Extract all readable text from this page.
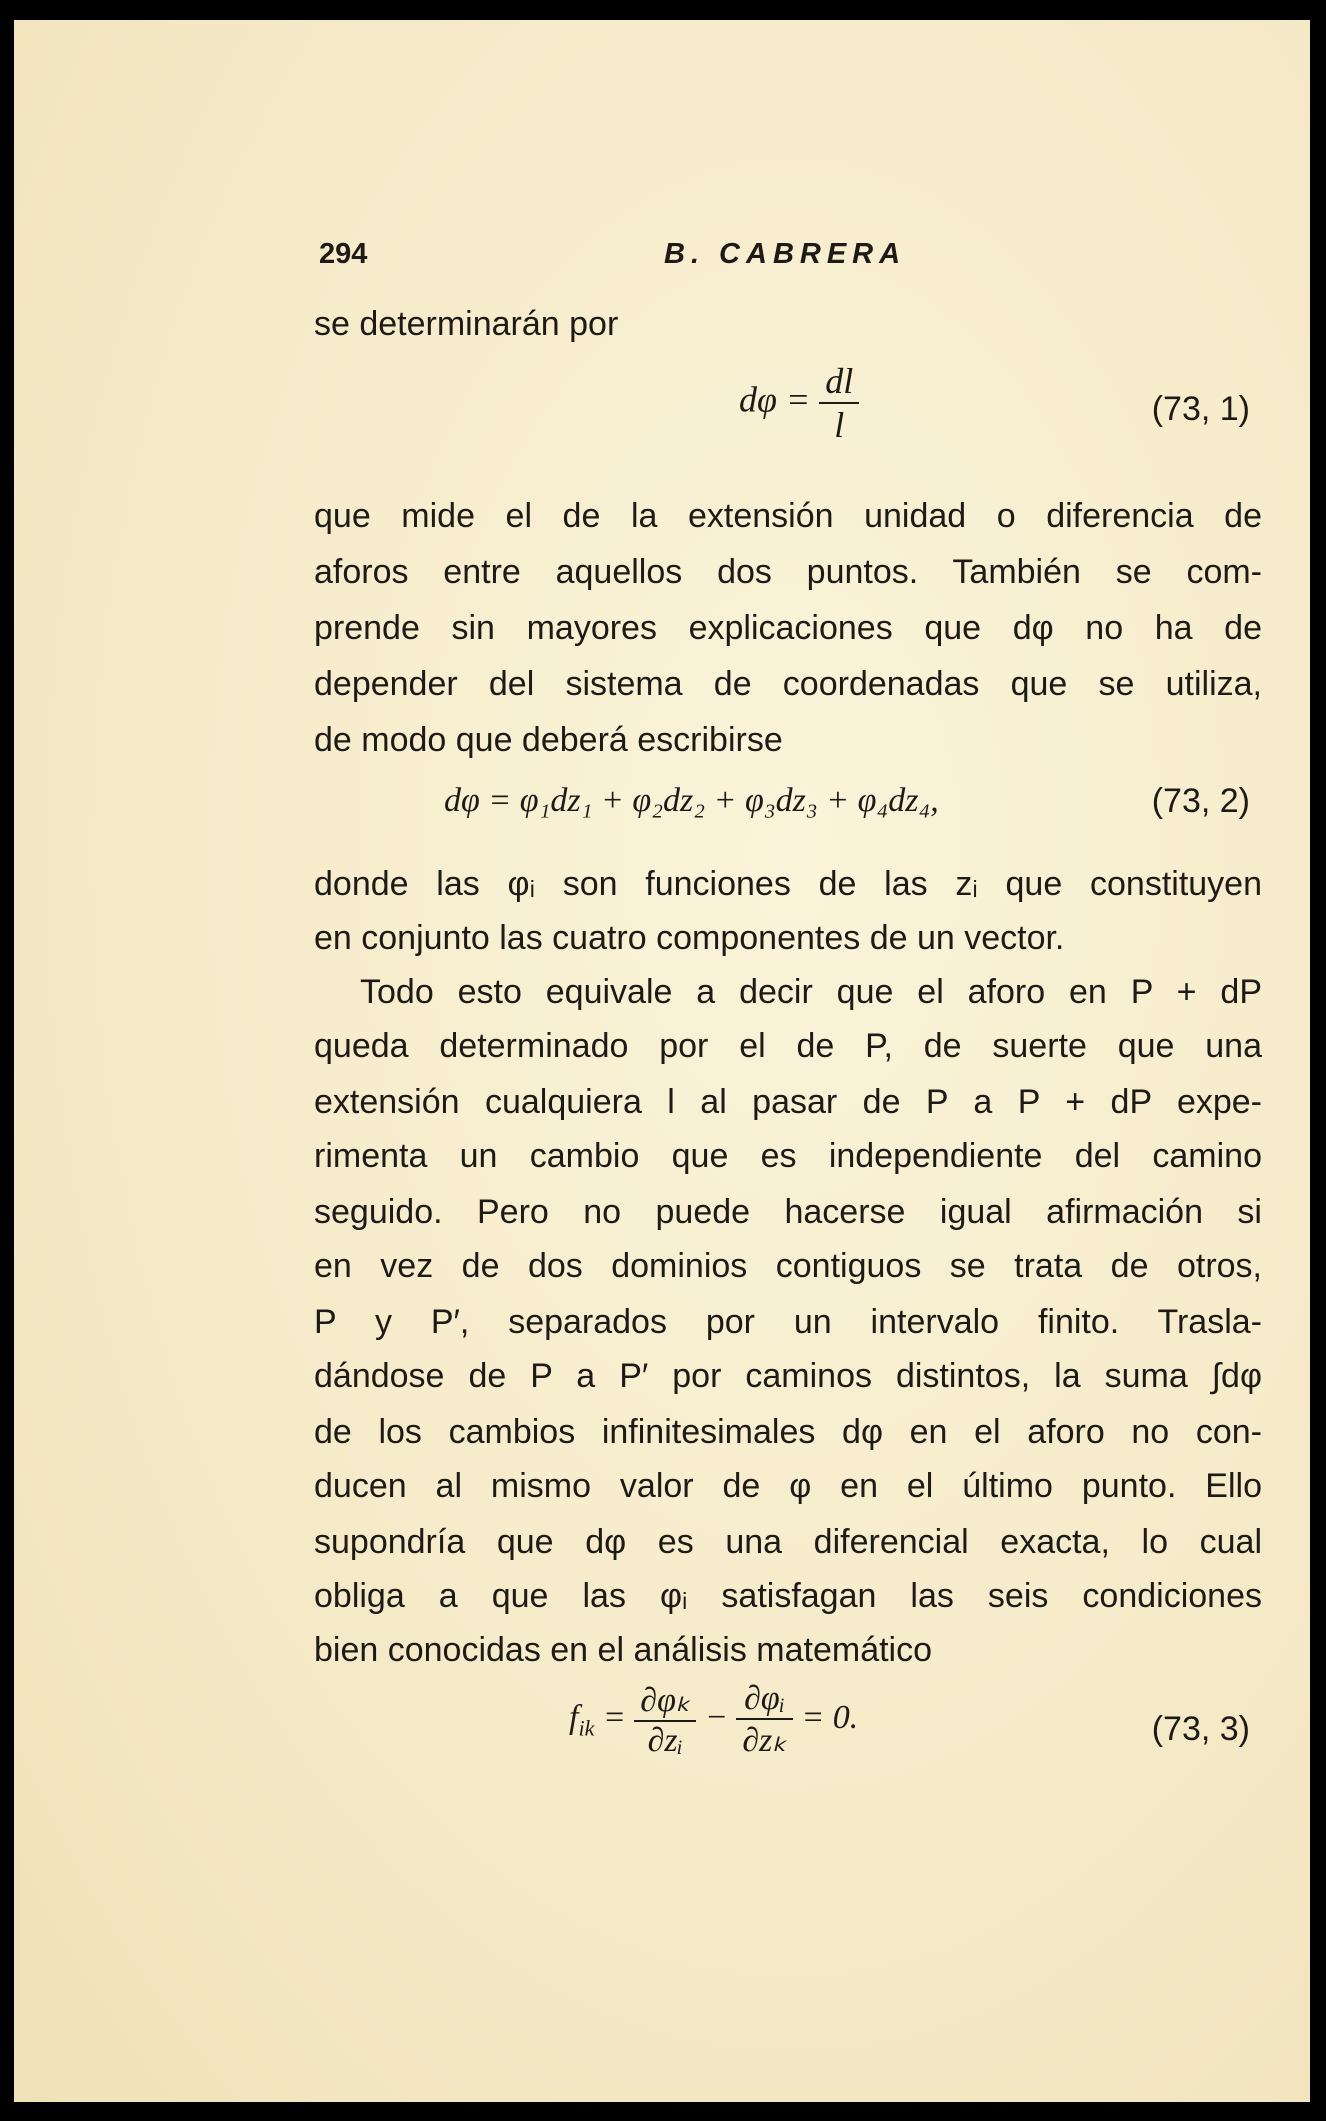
294	B. CABRERA
se determinarán por
$d\varphi = \frac{dl}{l}$	(73, 1)
que mide el de la extensión unidad o diferencia de
aforos entre aquellos dos puntos. También se com-
prende sin mayores explicaciones que dφ no ha de
depender del sistema de coordenadas que se utiliza,
de modo que deberá escribirse
dφ = φ₁dz₁ + φ₂dz₂ + φ₃dz₃ + φ₄dz₄,	(73, 2)
donde las φᵢ son funciones de las zᵢ que constituyen
en conjunto las cuatro componentes de un vector.
Todo esto equivale a decir que el aforo en P + dP
queda determinado por el de P, de suerte que una
extensión cualquiera l al pasar de P a P + dP expe-
rimenta un cambio que es independiente del camino
seguido. Pero no puede hacerse igual afirmación si
en vez de dos dominios contiguos se trata de otros,
P y P′, separados por un intervalo finito. Trasla-
dándose de P a P′ por caminos distintos, la suma ∫dφ
de los cambios infinitesimales dφ en el aforo no con-
ducen al mismo valor de φ en el último punto. Ello
supondría que dφ es una diferencial exacta, lo cual
obliga a que las φᵢ satisfagan las seis condiciones
bien conocidas en el análisis matemático
$f_{ik} = \frac{\text{∂φₖ}}{\text{∂zᵢ}} - \frac{\text{∂φᵢ}}{\text{∂zₖ}} = 0$.	(73, 3)
